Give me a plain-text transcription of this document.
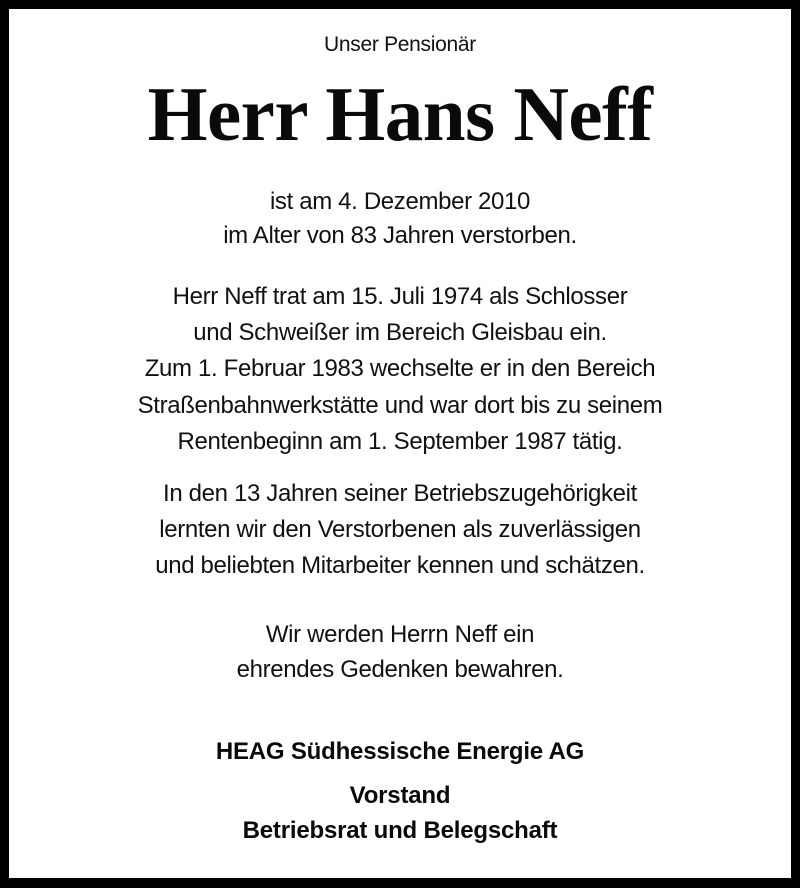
Unser Pensionär
Herr Hans Neff
ist am 4. Dezember 2010
im Alter von 83 Jahren verstorben.
Herr Neff trat am 15. Juli 1974 als Schlosser
und Schweißer im Bereich Gleisbau ein.
Zum 1. Februar 1983 wechselte er in den Bereich
Straßenbahnwerkstätte und war dort bis zu seinem
Rentenbeginn am 1. September 1987 tätig.
In den 13 Jahren seiner Betriebszugehörigkeit
lernten wir den Verstorbenen als zuverlässigen
und beliebten Mitarbeiter kennen und schätzen.
Wir werden Herrn Neff ein
ehrendes Gedenken bewahren.
HEAG Südhessische Energie AG
Vorstand
Betriebsrat und Belegschaft
